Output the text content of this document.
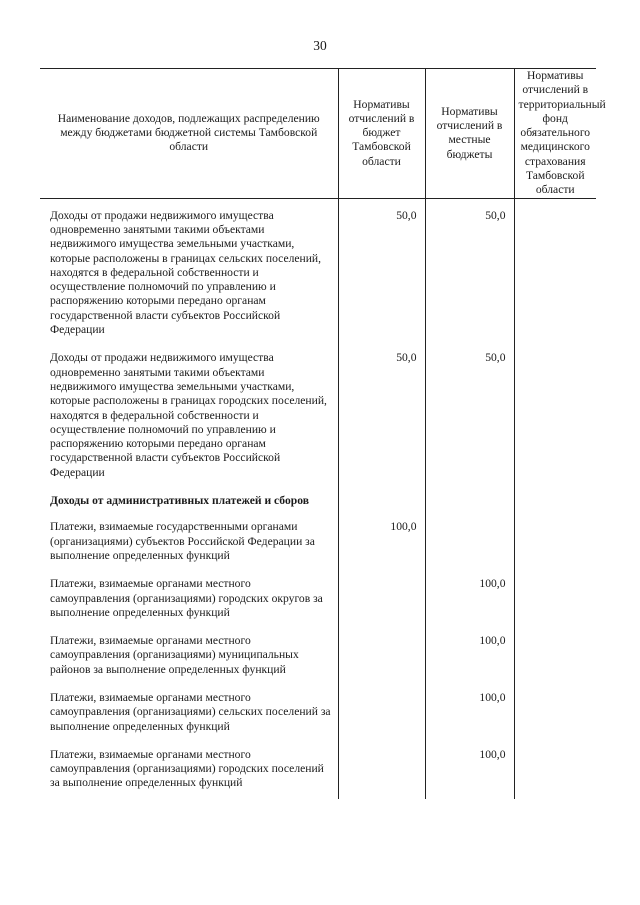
30
Наименование доходов, подлежащих распределению между бюджетами бюджетной системы Тамбовской области	Нормативы отчислений в бюджет Тамбовской области	Нормативы отчислений в местные бюджеты	Нормативы отчислений в территориальный фонд обязательного медицинского страхования Тамбовской области
Доходы от продажи недвижимого имущества одновременно занятыми такими объектами недвижимого имущества земельными участками, которые расположены в границах сельских поселений, находятся в федеральной собственности и осуществление полномочий по управлению и распоряжению которыми передано органам государственной власти субъектов Российской Федерации	50,0	50,0	
Доходы от продажи недвижимого имущества одновременно занятыми такими объектами недвижимого имущества земельными участками, которые расположены в границах городских поселений, находятся в федеральной собственности и осуществление полномочий по управлению и распоряжению которыми передано органам государственной власти субъектов Российской Федерации	50,0	50,0	
Доходы от административных платежей и сборов			
Платежи, взимаемые государственными органами (организациями) субъектов Российской Федерации за выполнение определенных функций	100,0		
Платежи, взимаемые органами местного самоуправления (организациями) городских округов за выполнение определенных функций		100,0	
Платежи, взимаемые органами местного самоуправления (организациями) муниципальных районов за выполнение определенных функций		100,0	
Платежи, взимаемые органами местного самоуправления (организациями) сельских поселений за выполнение определенных функций		100,0	
Платежи, взимаемые органами местного самоуправления (организациями) городских поселений за выполнение определенных функций		100,0	
